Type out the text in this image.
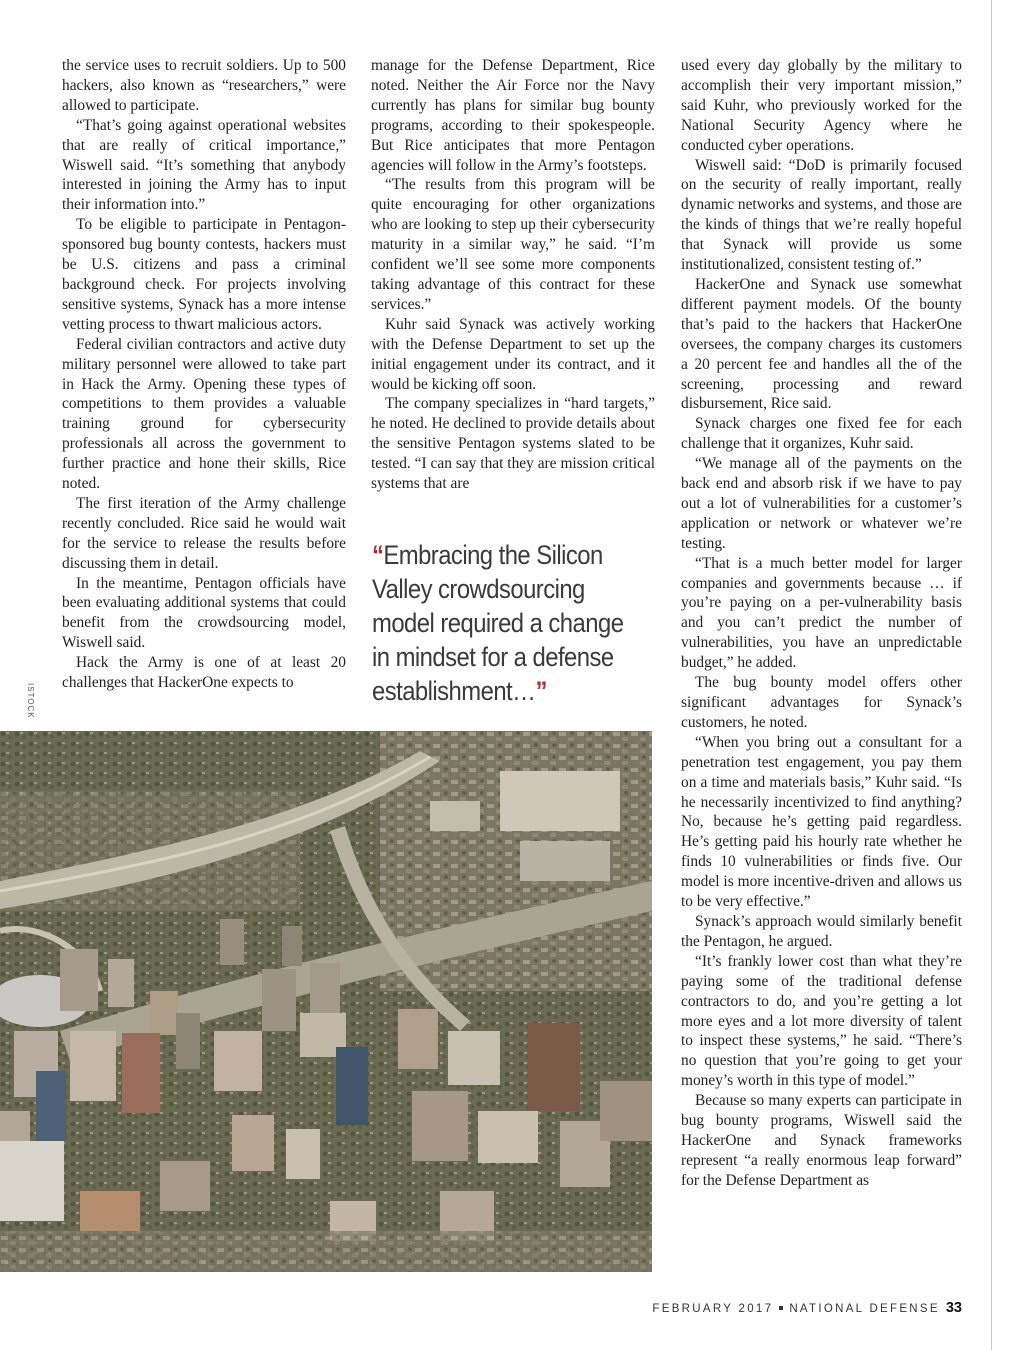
the service uses to recruit soldiers. Up to 500 hackers, also known as “researchers,” were allowed to participate.

“That’s going against operational websites that are really of critical importance,” Wiswell said. “It’s something that anybody interested in joining the Army has to input their information into.”

To be eligible to participate in Pentagon-sponsored bug bounty contests, hackers must be U.S. citizens and pass a criminal background check. For projects involving sensitive systems, Synack has a more intense vetting process to thwart malicious actors.

Federal civilian contractors and active duty military personnel were allowed to take part in Hack the Army. Opening these types of competitions to them provides a valuable training ground for cybersecurity professionals all across the government to further practice and hone their skills, Rice noted.

The first iteration of the Army challenge recently concluded. Rice said he would wait for the service to release the results before discussing them in detail.

In the meantime, Pentagon officials have been evaluating additional systems that could benefit from the crowdsourcing model, Wiswell said.

Hack the Army is one of at least 20 challenges that HackerOne expects to

manage for the Defense Department, Rice noted. Neither the Air Force nor the Navy currently has plans for similar bug bounty programs, according to their spokespeople. But Rice anticipates that more Pentagon agencies will follow in the Army’s footsteps.

“The results from this program will be quite encouraging for other organizations who are looking to step up their cybersecurity maturity in a similar way,” he said. “I’m confident we’ll see some more components taking advantage of this contract for these services.”

Kuhr said Synack was actively working with the Defense Department to set up the initial engagement under its contract, and it would be kicking off soon.

The company specializes in “hard targets,” he noted. He declined to provide details about the sensitive Pentagon systems slated to be tested. “I can say that they are mission critical systems that are

“Embracing the Silicon Valley crowdsourcing model required a change in mindset for a defense establishment…”

used every day globally by the military to accomplish their very important mission,” said Kuhr, who previously worked for the National Security Agency where he conducted cyber operations.

Wiswell said: “DoD is primarily focused on the security of really important, really dynamic networks and systems, and those are the kinds of things that we’re really hopeful that Synack will provide us some institutionalized, consistent testing of.”

HackerOne and Synack use somewhat different payment models. Of the bounty that’s paid to the hackers that HackerOne oversees, the company charges its customers a 20 percent fee and handles all the of the screening, processing and reward disbursement, Rice said.

Synack charges one fixed fee for each challenge that it organizes, Kuhr said.

“We manage all of the payments on the back end and absorb risk if we have to pay out a lot of vulnerabilities for a customer’s application or network or whatever we’re testing.

“That is a much better model for larger companies and governments because … if you’re paying on a per-vulnerability basis and you can’t predict the number of vulnerabilities, you have an unpredictable budget,” he added.

The bug bounty model offers other significant advantages for Synack’s customers, he noted.

“When you bring out a consultant for a penetration test engagement, you pay them on a time and materials basis,” Kuhr said. “Is he necessarily incentivized to find anything? No, because he’s getting paid regardless. He’s getting paid his hourly rate whether he finds 10 vulnerabilities or finds five. Our model is more incentive-driven and allows us to be very effective.”

Synack’s approach would similarly benefit the Pentagon, he argued.

“It’s frankly lower cost than what they’re paying some of the traditional defense contractors to do, and you’re getting a lot more eyes and a lot more diversity of talent to inspect these systems,” he said. “There’s no question that you’re going to get your money’s worth in this type of model.”

Because so many experts can participate in bug bounty programs, Wiswell said the HackerOne and Synack frameworks represent “a really enormous leap forward” for the Defense Department as

ISTOCK
FEBRUARY 2017 NATIONAL DEFENSE 33
